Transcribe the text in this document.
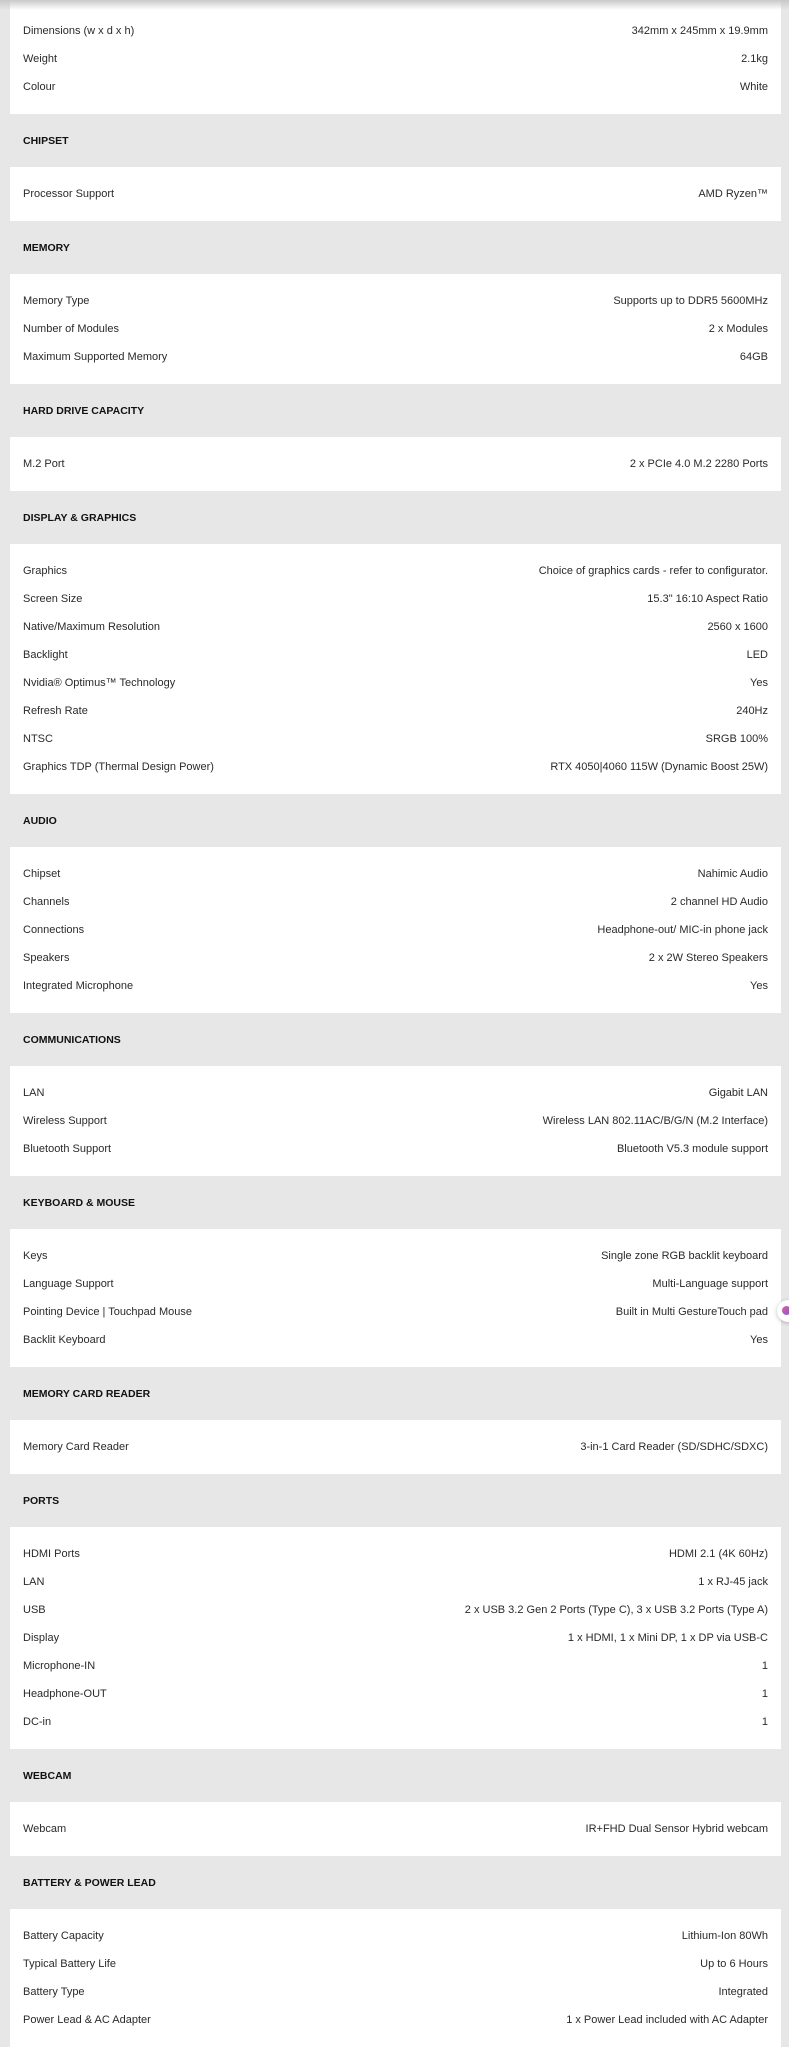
Dimensions (w x d x h)	342mm x 245mm x 19.9mm
Weight	2.1kg
Colour	White
CHIPSET
Processor Support	AMD Ryzen™
MEMORY
Memory Type	Supports up to DDR5 5600MHz
Number of Modules	2 x Modules
Maximum Supported Memory	64GB
HARD DRIVE CAPACITY
M.2 Port	2 x PCIe 4.0 M.2 2280 Ports
DISPLAY & GRAPHICS
Graphics	Choice of graphics cards - refer to configurator.
Screen Size	15.3" 16:10 Aspect Ratio
Native/Maximum Resolution	2560 x 1600
Backlight	LED
Nvidia® Optimus™ Technology	Yes
Refresh Rate	240Hz
NTSC	SRGB 100%
Graphics TDP (Thermal Design Power)	RTX 4050|4060 115W (Dynamic Boost 25W)
AUDIO
Chipset	Nahimic Audio
Channels	2 channel HD Audio
Connections	Headphone-out/ MIC-in phone jack
Speakers	2 x 2W Stereo Speakers
Integrated Microphone	Yes
COMMUNICATIONS
LAN	Gigabit LAN
Wireless Support	Wireless LAN 802.11AC/B/G/N (M.2 Interface)
Bluetooth Support	Bluetooth V5.3 module support
KEYBOARD & MOUSE
Keys	Single zone RGB backlit keyboard
Language Support	Multi-Language support
Pointing Device | Touchpad Mouse	Built in Multi GestureTouch pad
Backlit Keyboard	Yes
MEMORY CARD READER
Memory Card Reader	3-in-1 Card Reader (SD/SDHC/SDXC)
PORTS
HDMI Ports	HDMI 2.1 (4K 60Hz)
LAN	1 x RJ-45 jack
USB	2 x USB 3.2 Gen 2 Ports (Type C), 3 x USB 3.2 Ports (Type A)
Display	1 x HDMI, 1 x Mini DP, 1 x DP via USB-C
Microphone-IN	1
Headphone-OUT	1
DC-in	1
WEBCAM
Webcam	IR+FHD Dual Sensor Hybrid webcam
BATTERY & POWER LEAD
Battery Capacity	Lithium-Ion 80Wh
Typical Battery Life	Up to 6 Hours
Battery Type	Integrated
Power Lead & AC Adapter	1 x Power Lead included with AC Adapter
